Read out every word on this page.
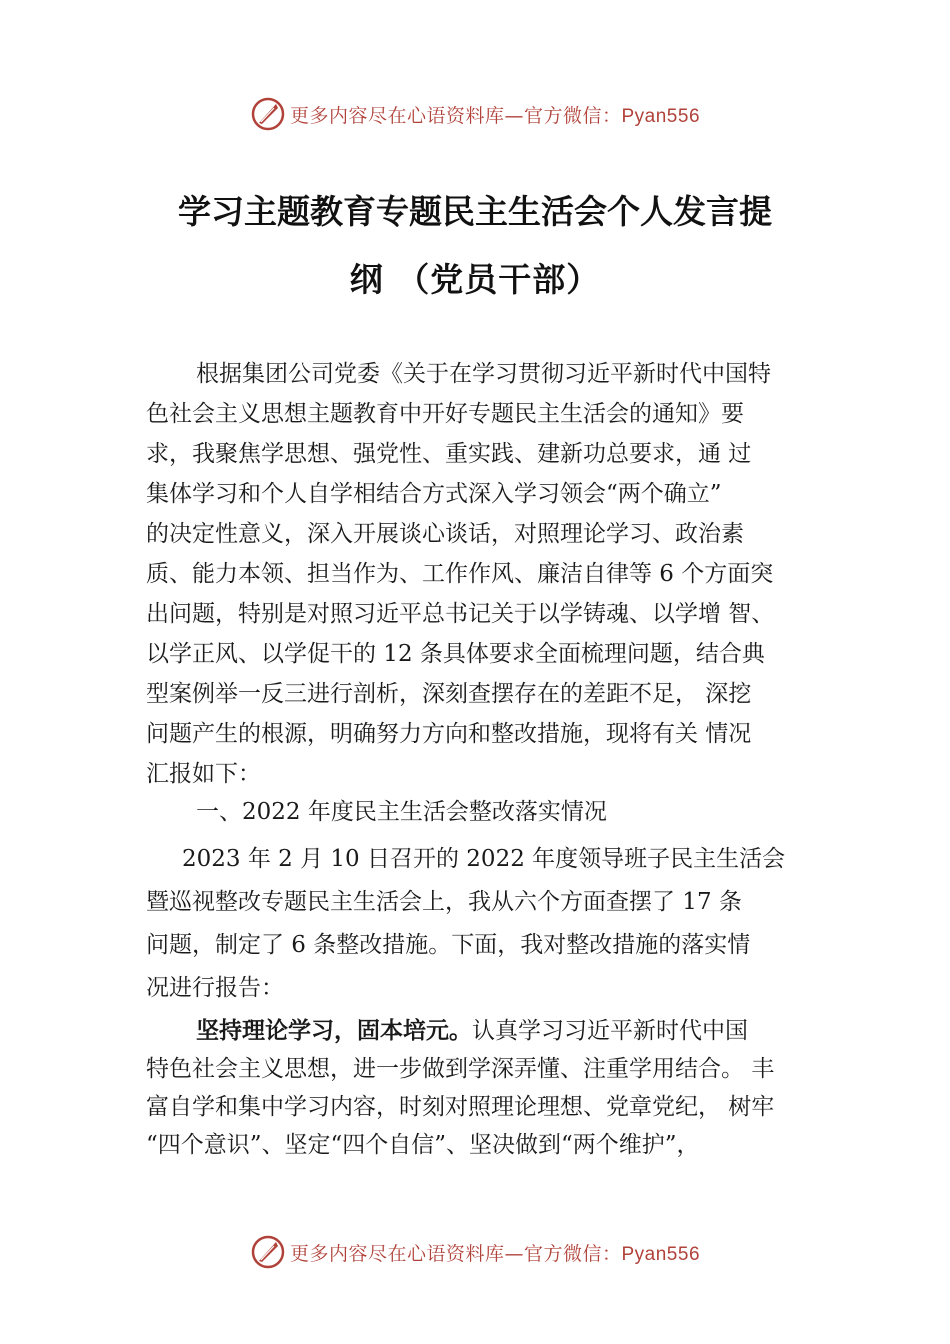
更多内容尽在心语资料库—官方微信：Pyan556
学习主题教育专题民主生活会个人发言提
纲 （党员干部）
根据集团公司党委《关于在学习贯彻习近平新时代中国特
色社会主义思想主题教育中开好专题民主生活会的通知》要
求，我聚焦学思想、强党性、重实践、建新功总要求，通 过
集体学习和个人自学相结合方式深入学习领会“两个确立”
的决定性意义，深入开展谈心谈话，对照理论学习、政治素
质、能力本领、担当作为、工作作风、廉洁自律等 6 个方面突
出问题，特别是对照习近平总书记关于以学铸魂、以学增 智、
以学正风、以学促干的 12 条具体要求全面梳理问题，结合典
型案例举一反三进行剖析，深刻查摆存在的差距不足， 深挖
问题产生的根源，明确努力方向和整改措施，现将有关 情况
汇报如下：
一、2022 年度民主生活会整改落实情况
2023 年 2 月 10 日召开的 2022 年度领导班子民主生活会
暨巡视整改专题民主生活会上，我从六个方面查摆了 17 条
问题，制定了 6 条整改措施。下面，我对整改措施的落实情
况进行报告：
坚持理论学习，固本培元。认真学习习近平新时代中国
特色社会主义思想，进一步做到学深弄懂、注重学用结合。 丰
富自学和集中学习内容，时刻对照理论理想、党章党纪， 树牢
“四个意识”、坚定“四个自信”、坚决做到“两个维护”，
更多内容尽在心语资料库—官方微信：Pyan556
